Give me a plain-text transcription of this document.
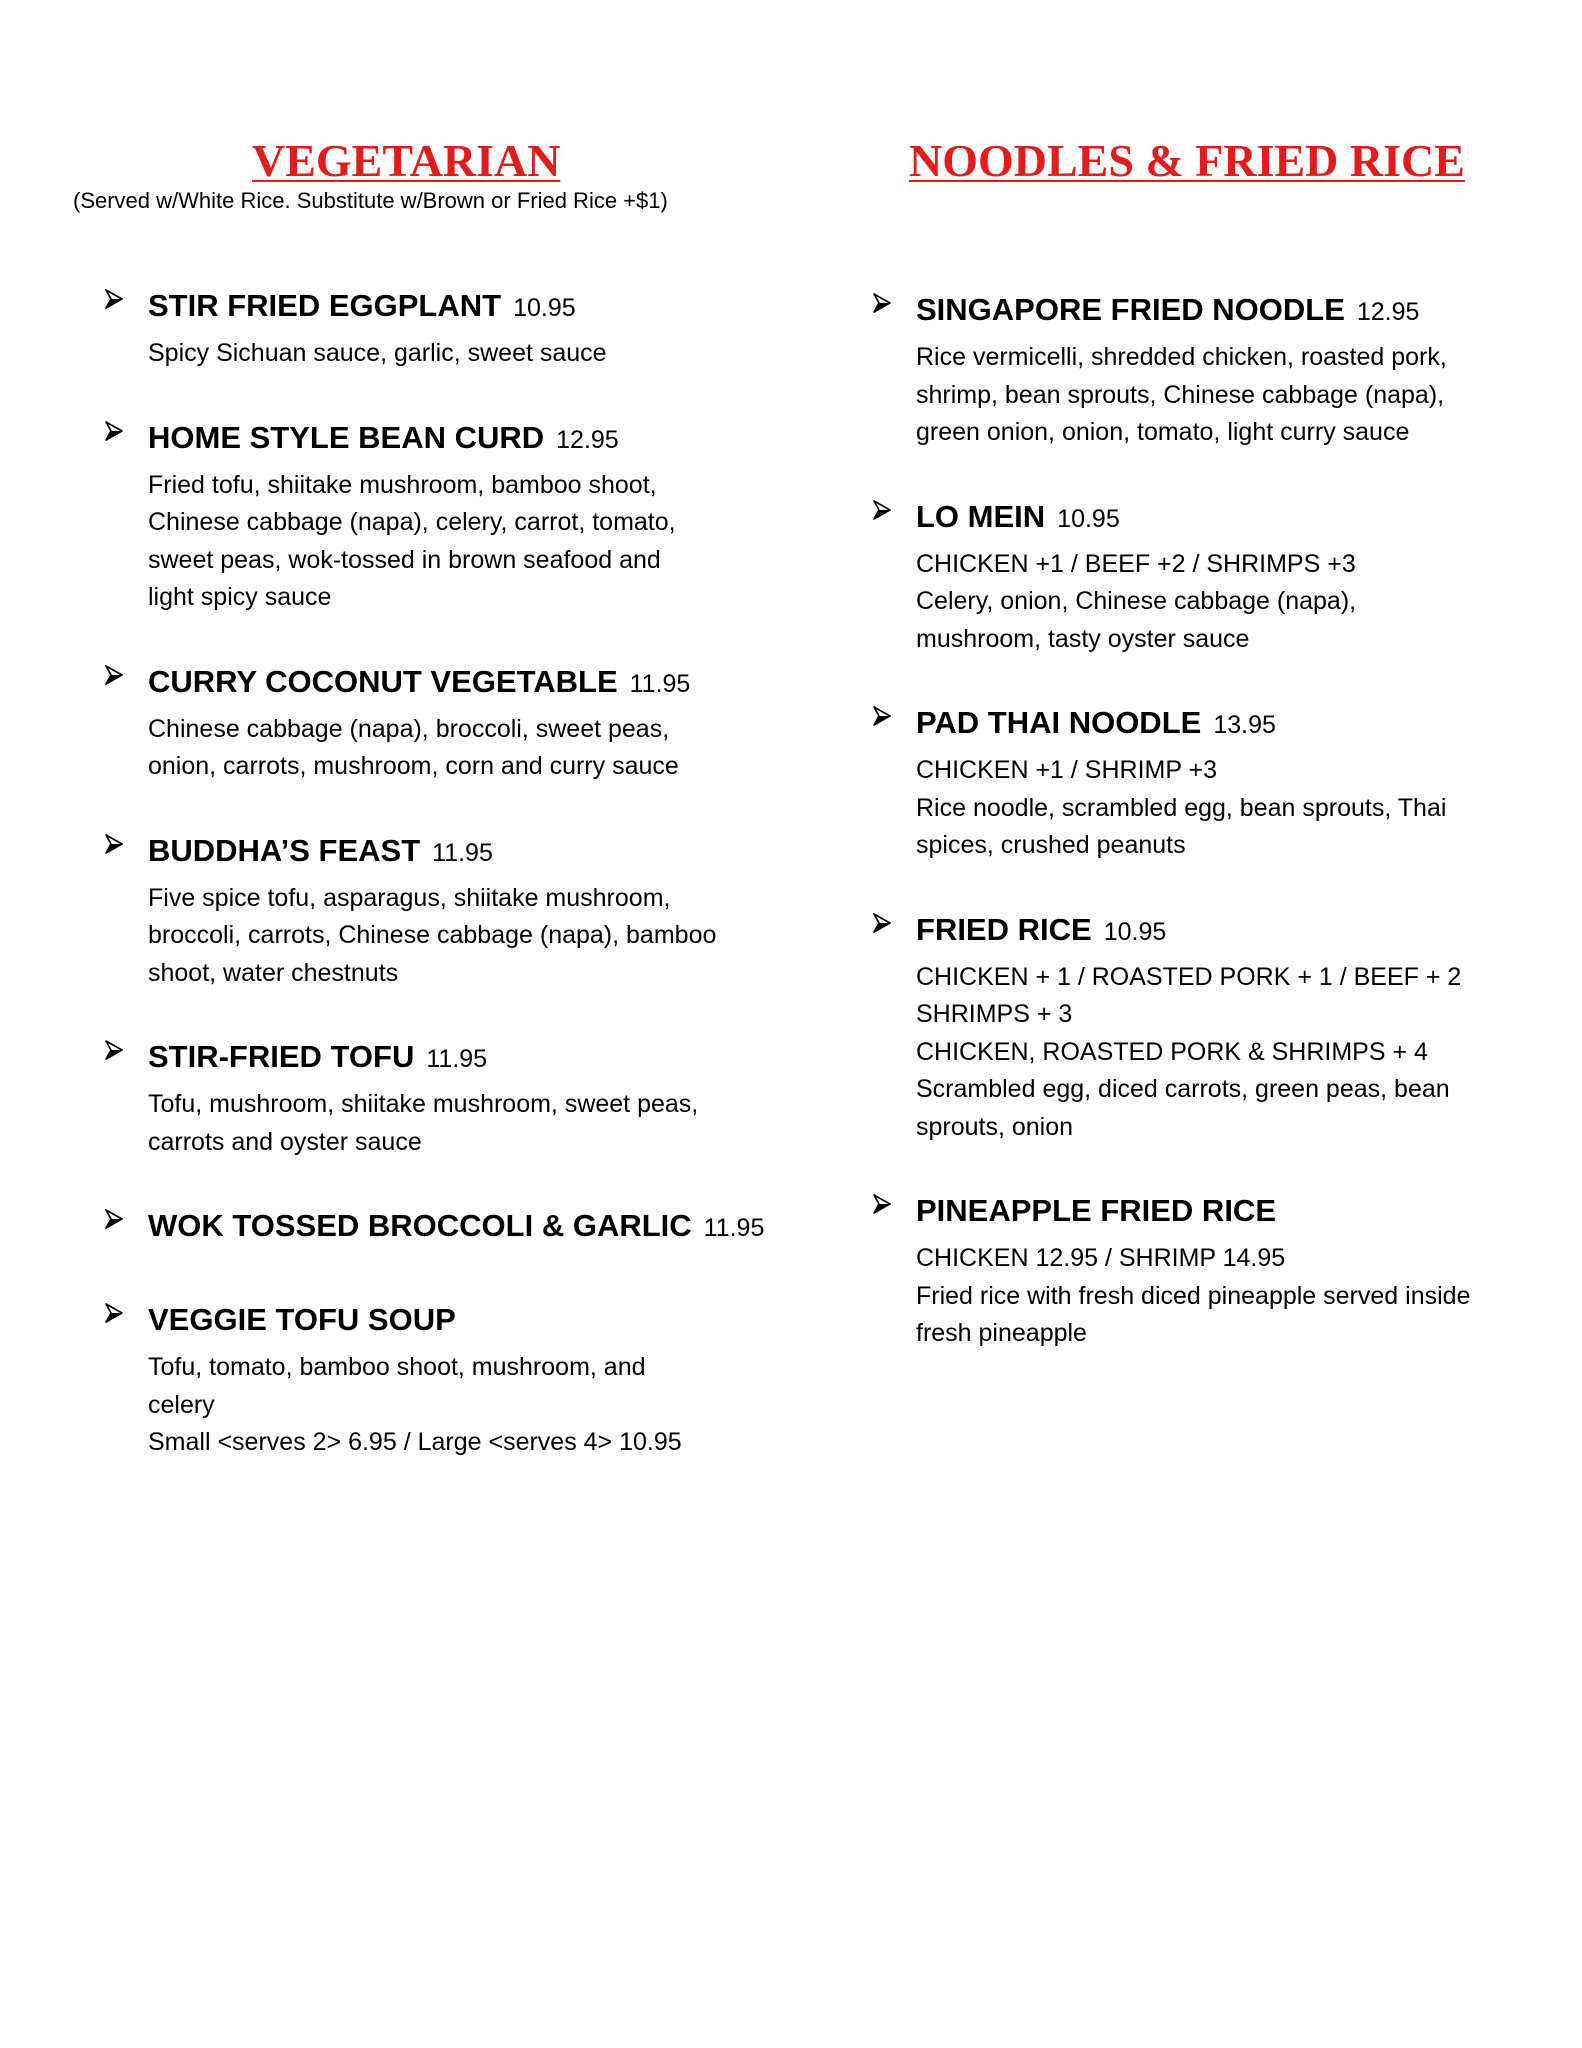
VEGETARIAN
(Served w/White Rice. Substitute w/Brown or Fried Rice +$1)
NOODLES & FRIED RICE
STIR FRIED EGGPLANT 10.95
Spicy Sichuan sauce, garlic, sweet sauce
HOME STYLE BEAN CURD 12.95
Fried tofu, shiitake mushroom, bamboo shoot,
Chinese cabbage (napa), celery, carrot, tomato,
sweet peas, wok-tossed in brown seafood and
light spicy sauce
CURRY COCONUT VEGETABLE 11.95
Chinese cabbage (napa), broccoli, sweet peas,
onion, carrots, mushroom, corn and curry sauce
BUDDHA’S FEAST 11.95
Five spice tofu, asparagus, shiitake mushroom,
broccoli, carrots, Chinese cabbage (napa), bamboo
shoot, water chestnuts
STIR-FRIED TOFU 11.95
Tofu, mushroom, shiitake mushroom, sweet peas,
carrots and oyster sauce
WOK TOSSED BROCCOLI & GARLIC 11.95
VEGGIE TOFU SOUP
Tofu, tomato, bamboo shoot, mushroom, and
celery
Small <serves 2> 6.95 / Large <serves 4> 10.95
SINGAPORE FRIED NOODLE 12.95
Rice vermicelli, shredded chicken, roasted pork,
shrimp, bean sprouts, Chinese cabbage (napa),
green onion, onion, tomato, light curry sauce
LO MEIN 10.95
CHICKEN +1 / BEEF +2 / SHRIMPS +3
Celery, onion, Chinese cabbage (napa),
mushroom, tasty oyster sauce
PAD THAI NOODLE 13.95
CHICKEN +1 / SHRIMP +3
Rice noodle, scrambled egg, bean sprouts, Thai
spices, crushed peanuts
FRIED RICE 10.95
CHICKEN + 1 / ROASTED PORK + 1 / BEEF + 2
SHRIMPS + 3
CHICKEN, ROASTED PORK & SHRIMPS + 4
Scrambled egg, diced carrots, green peas, bean
sprouts, onion
PINEAPPLE FRIED RICE
CHICKEN 12.95 / SHRIMP 14.95
Fried rice with fresh diced pineapple served inside
fresh pineapple
